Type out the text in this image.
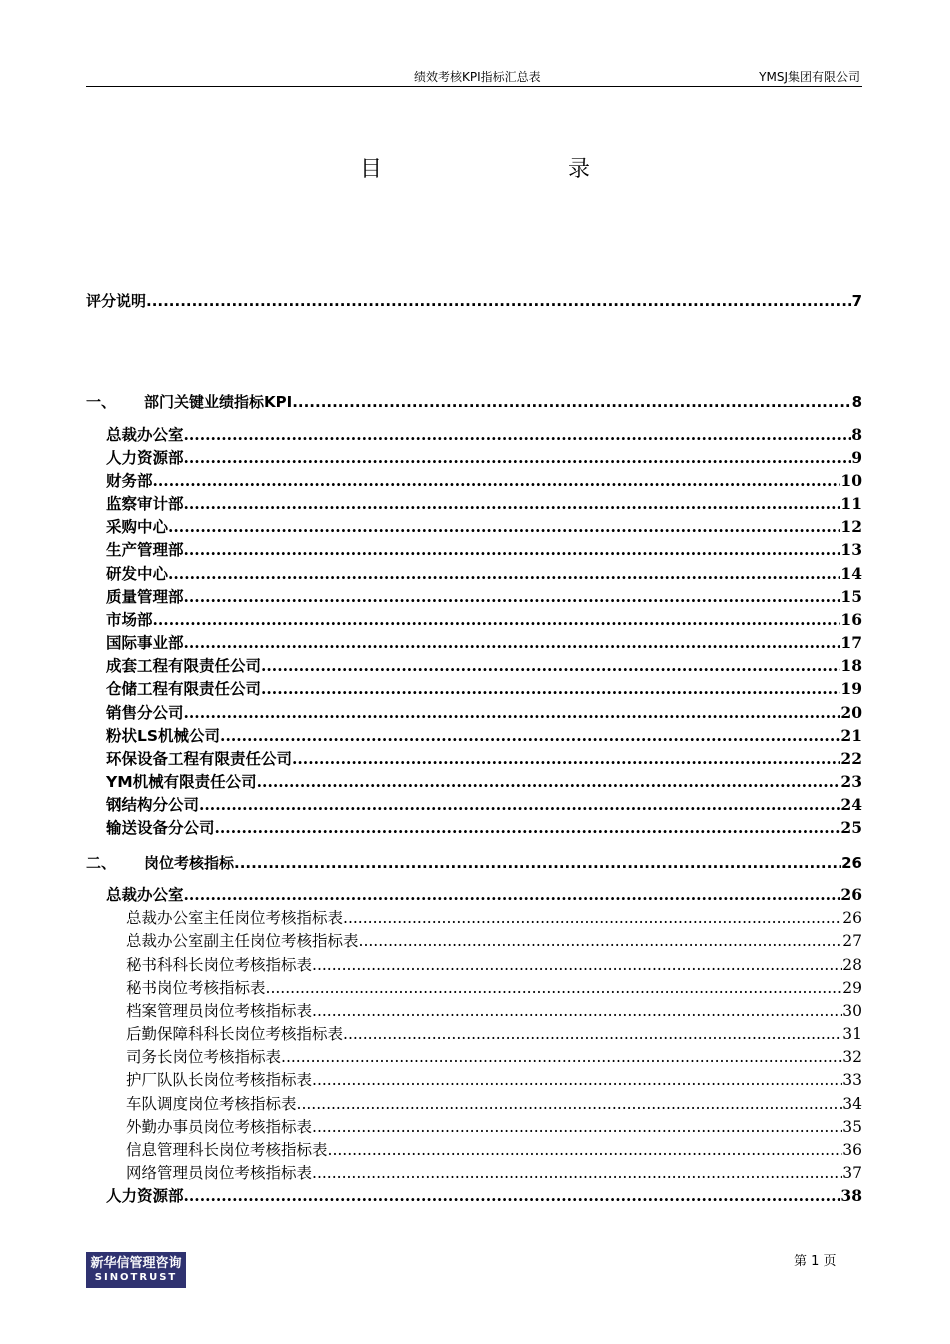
绩效考核KPI指标汇总表	YMSJ集团有限公司
目	录
评分说明 .....	7
一、 部门关键业绩指标KPI .....	8
总裁办公室 .....	8
人力资源部 .....	9
财务部 .....	10
监察审计部 .....	11
采购中心 .....	12
生产管理部 .....	13
研发中心 .....	14
质量管理部 .....	15
市场部 .....	16
国际事业部 .....	17
成套工程有限责任公司 .....	18
仓储工程有限责任公司 .....	19
销售分公司 .....	20
粉状LS机械公司 .....	21
环保设备工程有限责任公司 .....	22
YM机械有限责任公司 .....	23
钢结构分公司 .....	24
输送设备分公司 .....	25
二、 岗位考核指标 .....	26
总裁办公室 .....	26
总裁办公室主任岗位考核指标表 .....	26
总裁办公室副主任岗位考核指标表 .....	27
秘书科科长岗位考核指标表 .....	28
秘书岗位考核指标表 .....	29
档案管理员岗位考核指标表 .....	30
后勤保障科科长岗位考核指标表 .....	31
司务长岗位考核指标表 .....	32
护厂队队长岗位考核指标表 .....	33
车队调度岗位考核指标表 .....	34
外勤办事员岗位考核指标表 .....	35
信息管理科长岗位考核指标表 .....	36
网络管理员岗位考核指标表 .....	37
人力资源部 .....	38
新华信管理咨询
SINOTRUST
第 1 页
